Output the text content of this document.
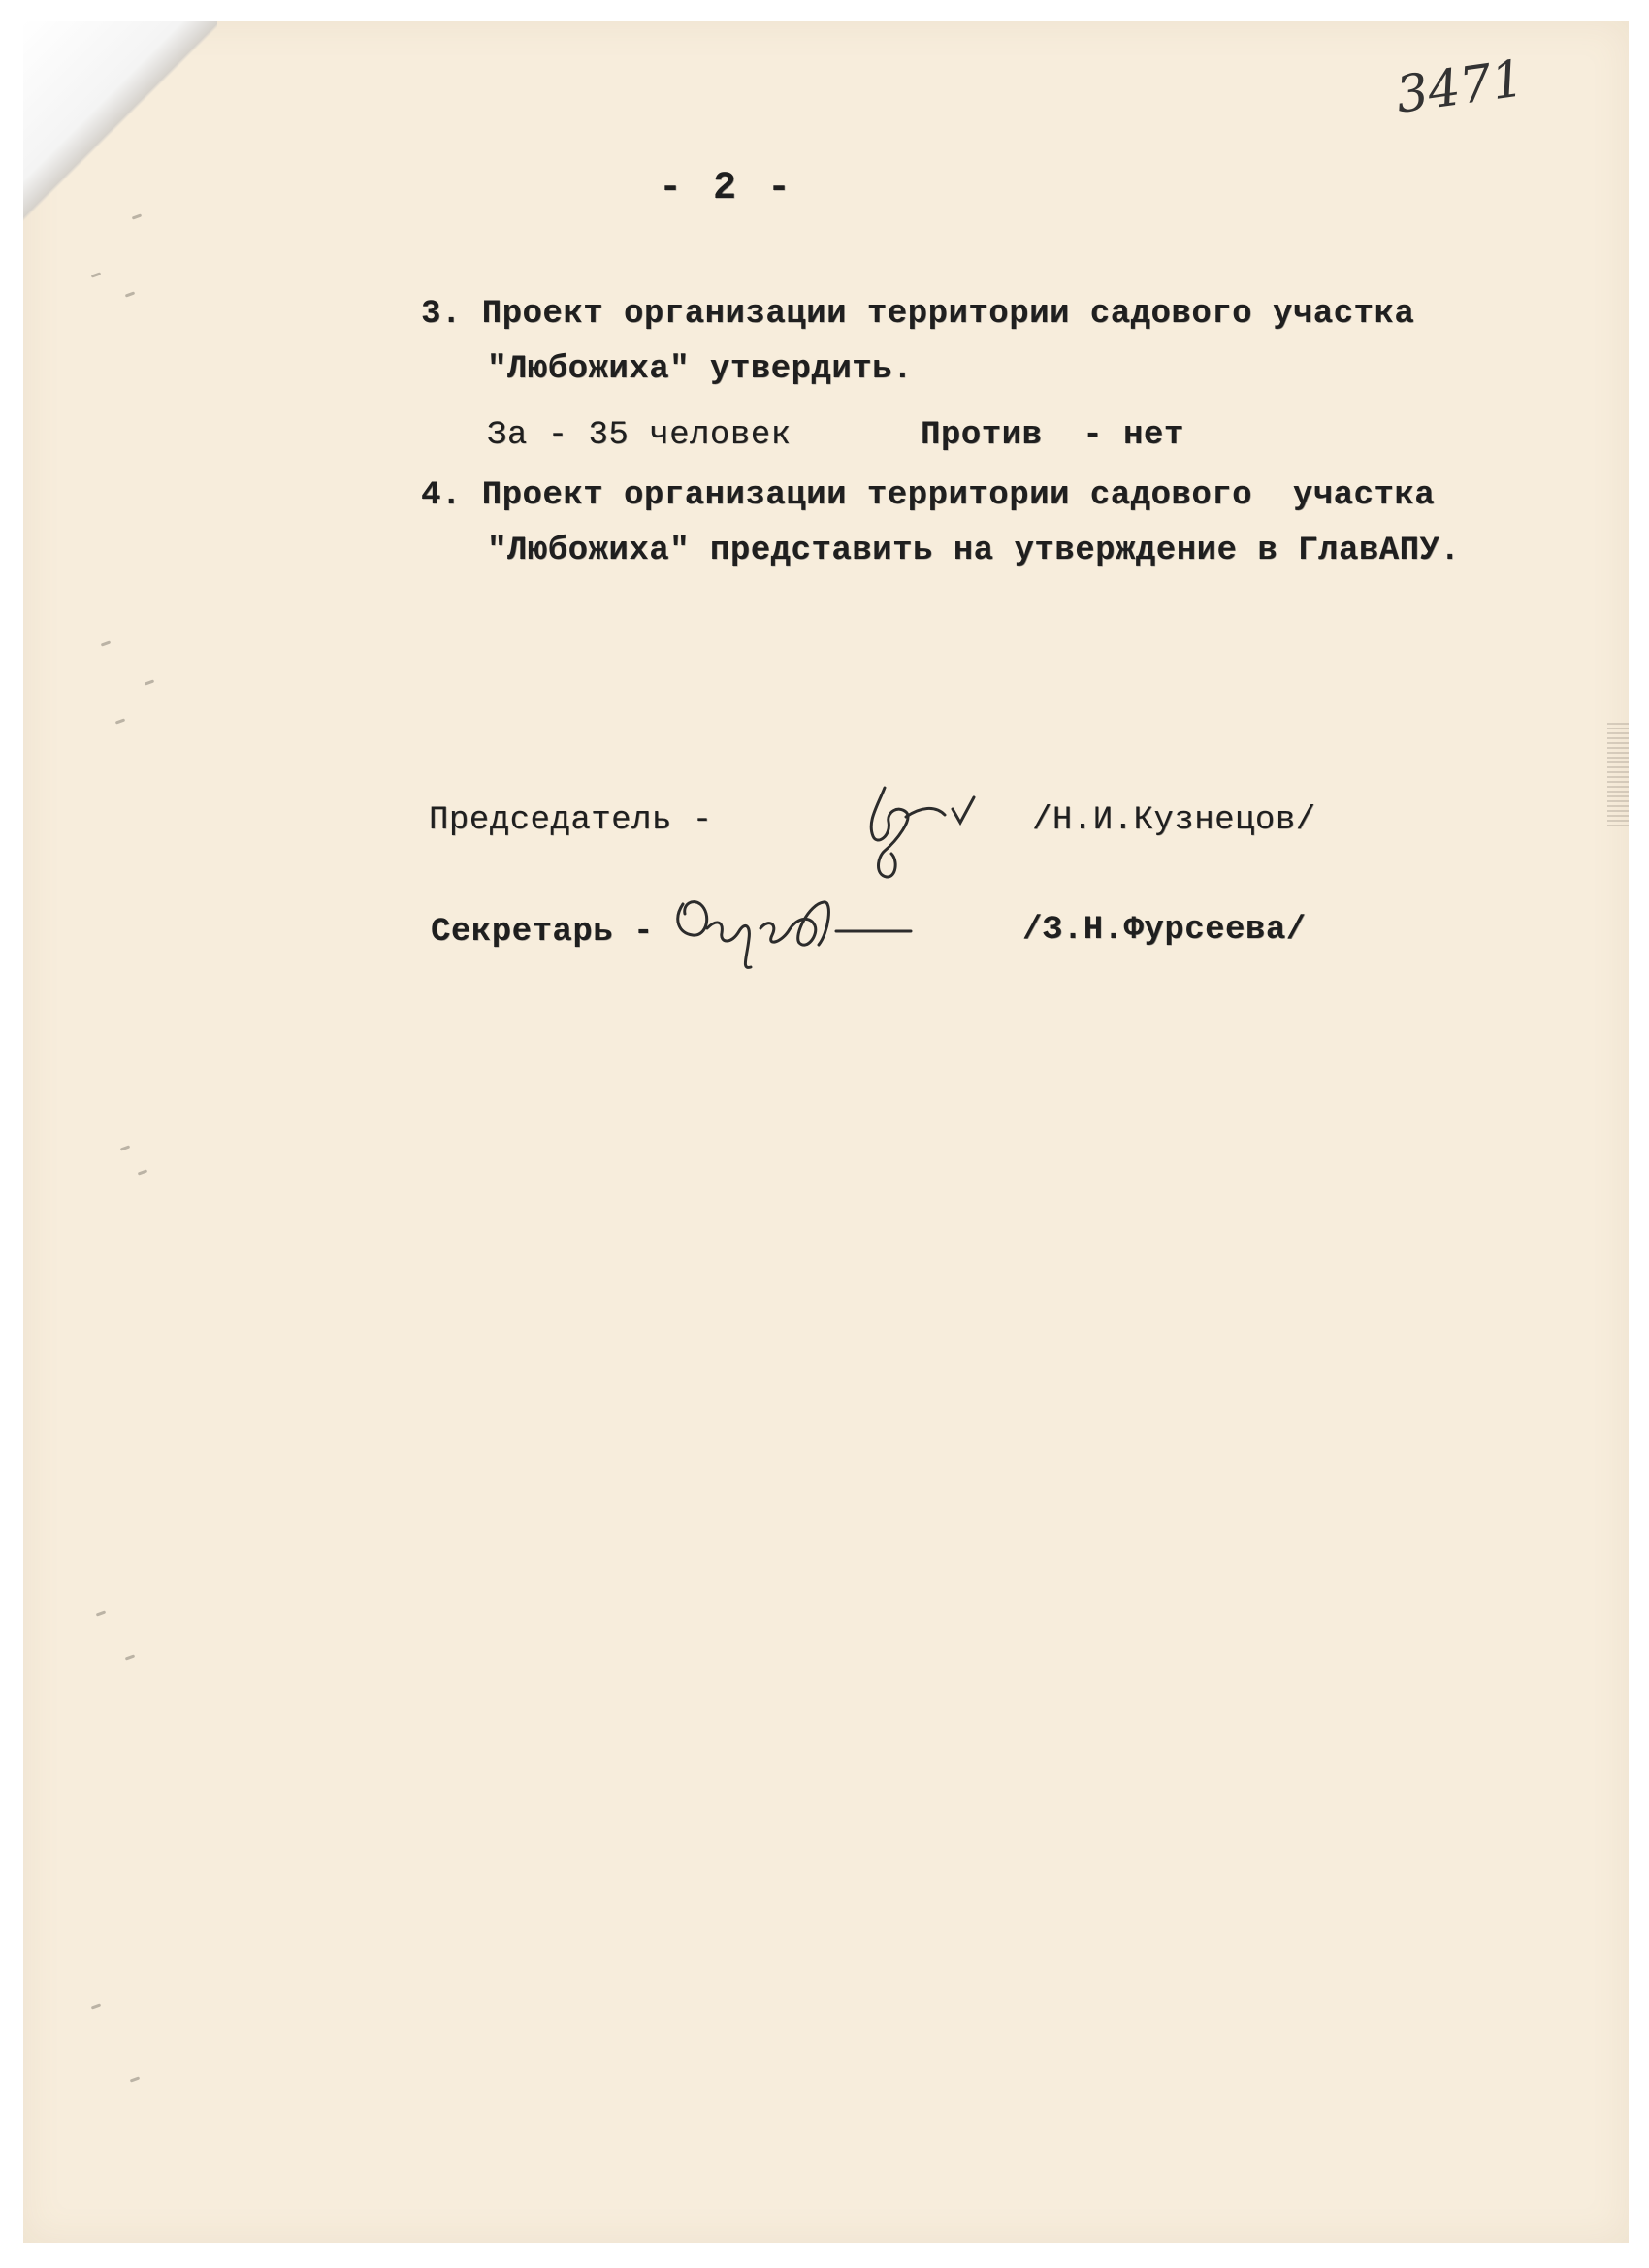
3471
- 2 -
3. Проект организации территории садового участка
"Любожиха" утвердить.
За - 35 человек	Против  - нет
4. Проект организации территории садового  участка
"Любожиха" представить на утверждение в ГлавАПУ.
Председатель -	/Н.И.Кузнецов/
Секретарь -	/З.Н.Фурсеева/
